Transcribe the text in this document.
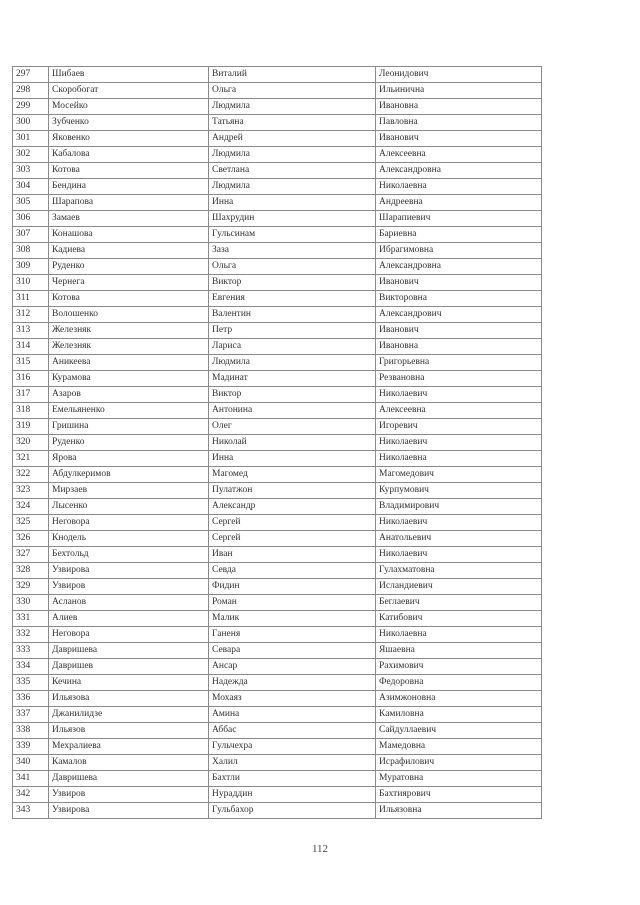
297	Шибаев	Виталий	Леонидович
298	Скоробогат	Ольга	Ильинична
299	Мосейко	Людмила	Ивановна
300	Зубченко	Татьяна	Павловна
301	Яковенко	Андрей	Иванович
302	Кабалова	Людмила	Алексеевна
303	Котова	Светлана	Александровна
304	Бендина	Людмила	Николаевна
305	Шарапова	Инна	Андреевна
306	Замаев	Шахрудин	Шарапиевич
307	Конашова	Гульсинам	Бариевна
308	Кадиева	Заза	Ибрагимовна
309	Руденко	Ольга	Александровна
310	Чернега	Виктор	Иванович
311	Котова	Евгения	Викторовна
312	Волошенко	Валентин	Александрович
313	Железняк	Петр	Иванович
314	Железняк	Лариса	Ивановна
315	Аникеева	Людмила	Григорьевна
316	Курамова	Мадинат	Резвановна
317	Азаров	Виктор	Николаевич
318	Емельяненко	Антонина	Алексеевна
319	Гришина	Олег	Игоревич
320	Руденко	Николай	Николаевич
321	Ярова	Инна	Николаевна
322	Абдулкеримов	Магомед	Магомедович
323	Мирзаев	Пулатжон	Курпумович
324	Лысенко	Александр	Владимирович
325	Неговора	Сергей	Николаевич
326	Кнодель	Сергей	Анатольевич
327	Бехтольд	Иван	Николаевич
328	Узвирова	Севда	Гулахматовна
329	Узвиров	Фидин	Исландиевич
330	Асланов	Роман	Беглаевич
331	Алиев	Малик	Катибович
332	Неговора	Ганеня	Николаевна
333	Давришева	Севара	Яшаевна
334	Давришев	Ансар	Рахимович
335	Кечина	Надежда	Федоровна
336	Ильязова	Мохаяз	Азимжоновна
337	Джанилидзе	Амина	Камиловна
338	Ильязов	Аббас	Сайдуллаевич
339	Мехралиева	Гульчехра	Мамедовна
340	Камалов	Халил	Исрафилович
341	Давришева	Бахтли	Муратовна
342	Узвиров	Нураддин	Бахтиярович
343	Узвирова	Гульбахор	Ильязовна
112
